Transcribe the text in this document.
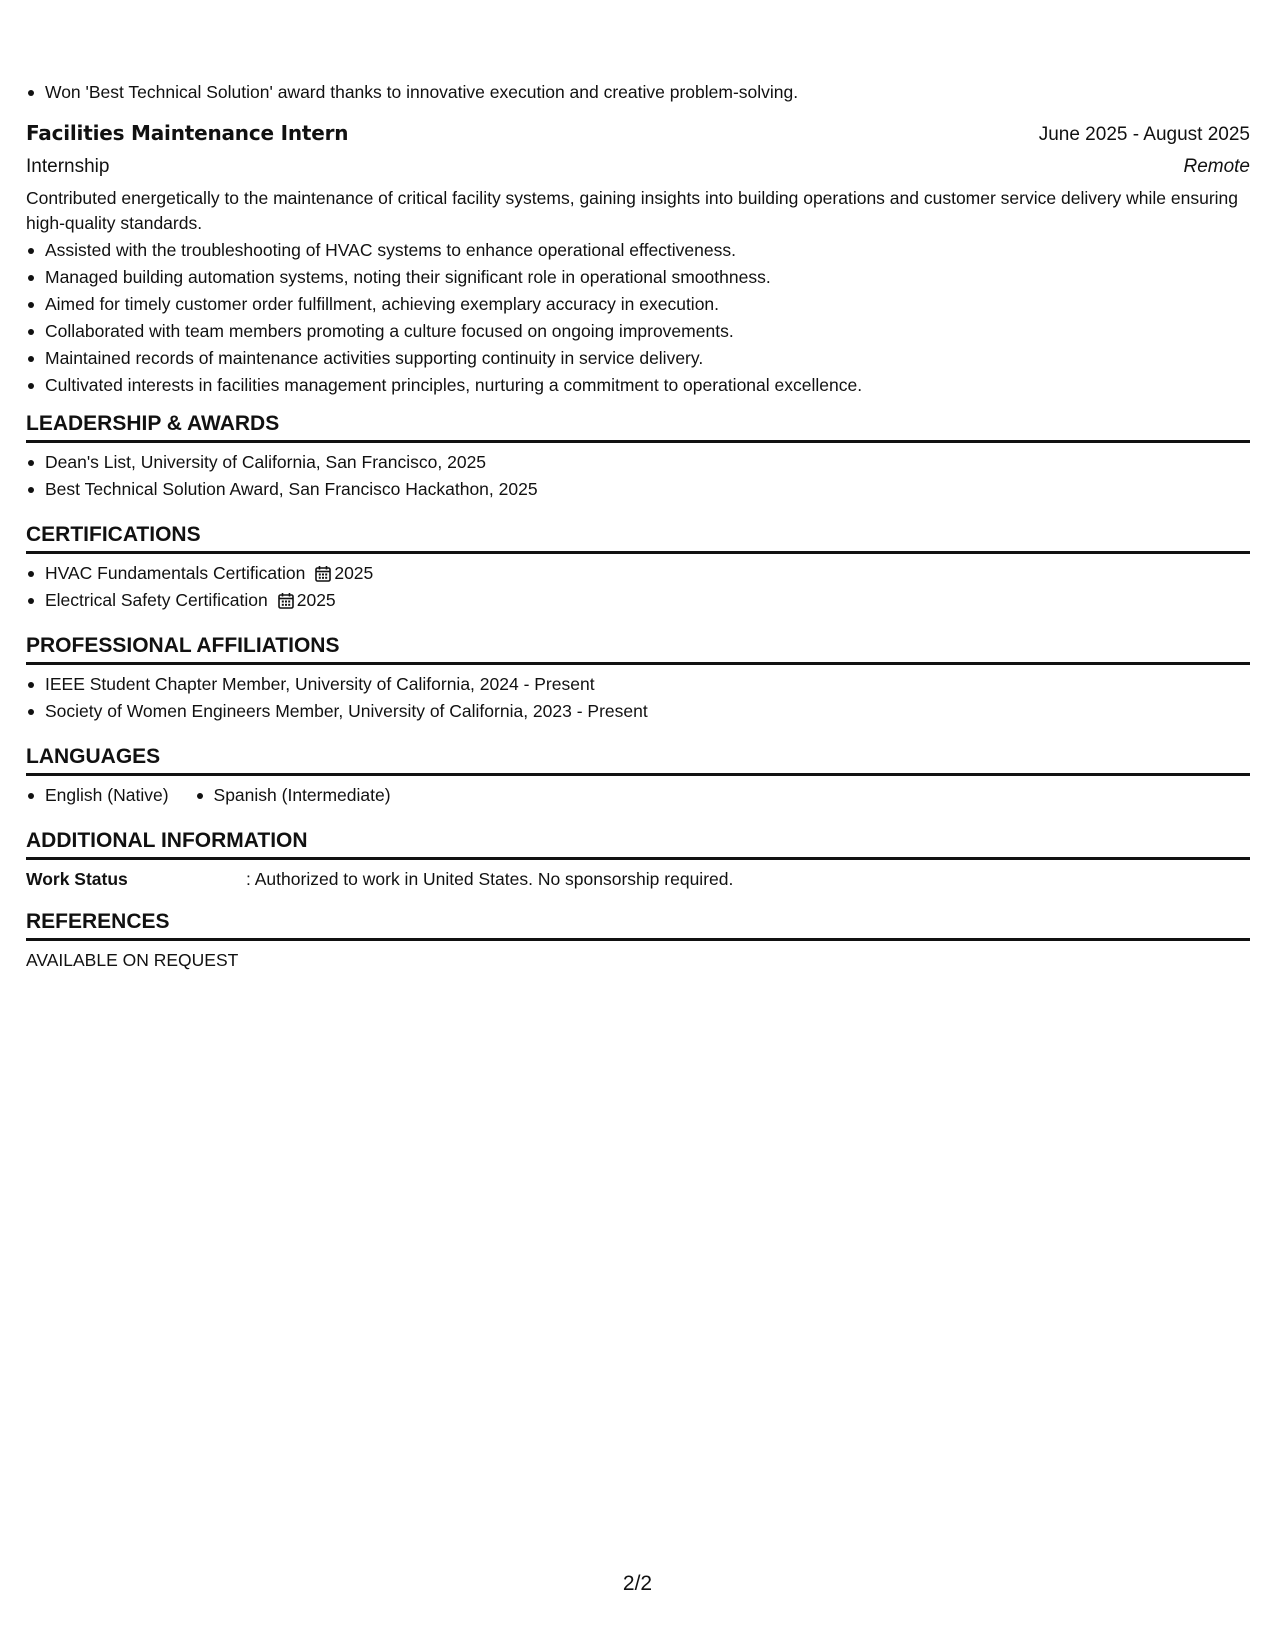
Won 'Best Technical Solution' award thanks to innovative execution and creative problem-solving.
Facilities Maintenance Intern	June 2025 - August 2025
Internship	Remote
Contributed energetically to the maintenance of critical facility systems, gaining insights into building operations and customer service delivery while ensuring high-quality standards.
Assisted with the troubleshooting of HVAC systems to enhance operational effectiveness.
Managed building automation systems, noting their significant role in operational smoothness.
Aimed for timely customer order fulfillment, achieving exemplary accuracy in execution.
Collaborated with team members promoting a culture focused on ongoing improvements.
Maintained records of maintenance activities supporting continuity in service delivery.
Cultivated interests in facilities management principles, nurturing a commitment to operational excellence.
LEADERSHIP & AWARDS
Dean's List, University of California, San Francisco, 2025
Best Technical Solution Award, San Francisco Hackathon, 2025
CERTIFICATIONS
HVAC Fundamentals Certification 2025
Electrical Safety Certification 2025
PROFESSIONAL AFFILIATIONS
IEEE Student Chapter Member, University of California, 2024 - Present
Society of Women Engineers Member, University of California, 2023 - Present
LANGUAGES
English (Native)	Spanish (Intermediate)
ADDITIONAL INFORMATION
Work Status	: Authorized to work in United States. No sponsorship required.
REFERENCES
AVAILABLE ON REQUEST
2/2
